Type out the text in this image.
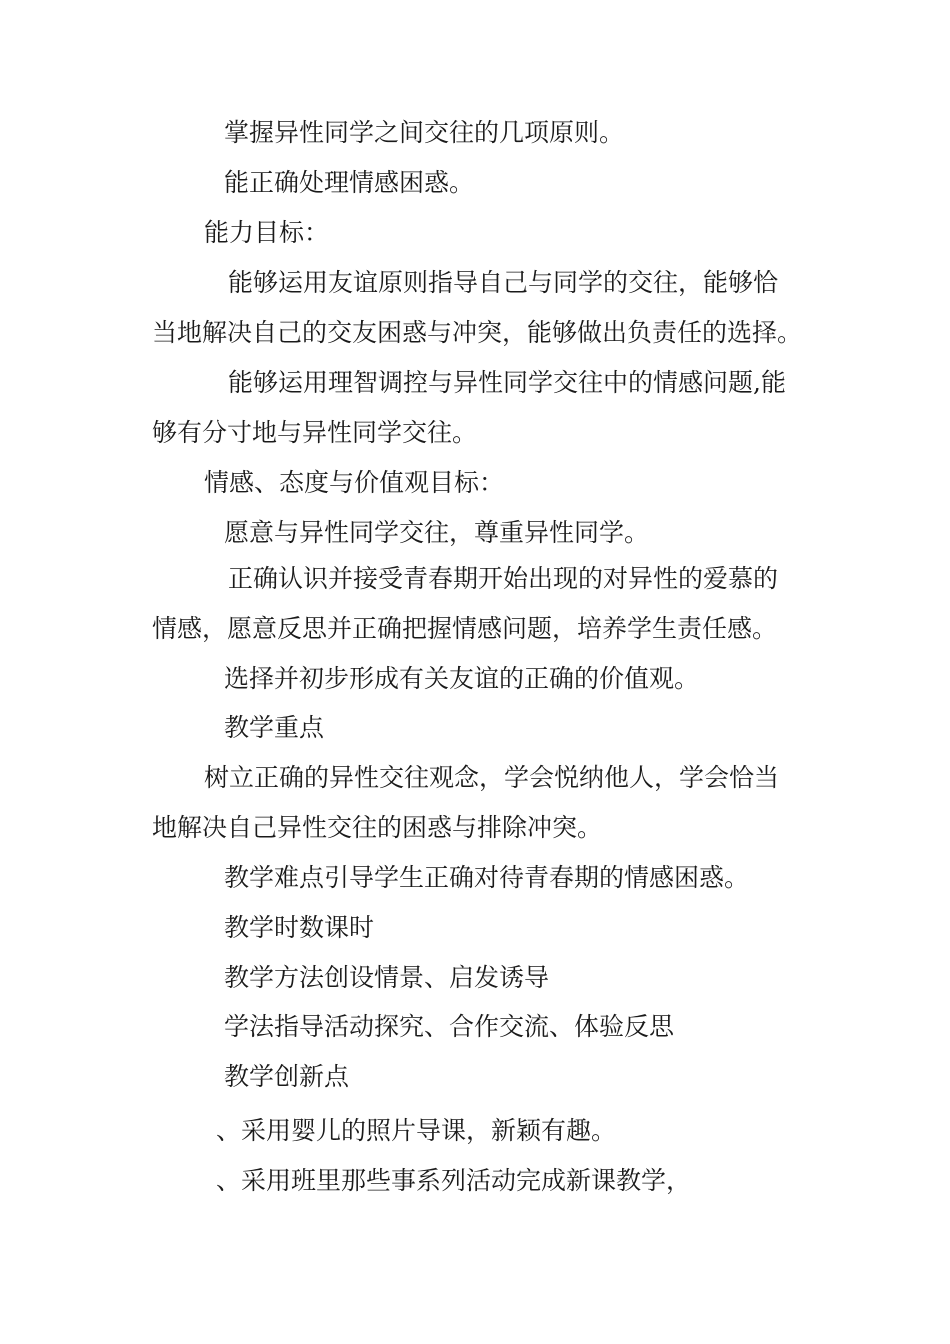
掌握异性同学之间交往的几项原则。
能正确处理情感困惑。
能力目标：
能够运用友谊原则指导自己与同学的交往，能够恰
当地解决自己的交友困惑与冲突，能够做出负责任的选择。
能够运用理智调控与异性同学交往中的情感问题,能
够有分寸地与异性同学交往。
情感、态度与价值观目标：
愿意与异性同学交往，尊重异性同学。
正确认识并接受青春期开始出现的对异性的爱慕的
情感，愿意反思并正确把握情感问题，培养学生责任感。
选择并初步形成有关友谊的正确的价值观。
教学重点
树立正确的异性交往观念，学会悦纳他人，学会恰当
地解决自己异性交往的困惑与排除冲突。
教学难点引导学生正确对待青春期的情感困惑。
教学时数课时
教学方法创设情景、启发诱导
学法指导活动探究、合作交流、体验反思
教学创新点
、采用婴儿的照片导课，新颖有趣。
、采用班里那些事系列活动完成新课教学，
